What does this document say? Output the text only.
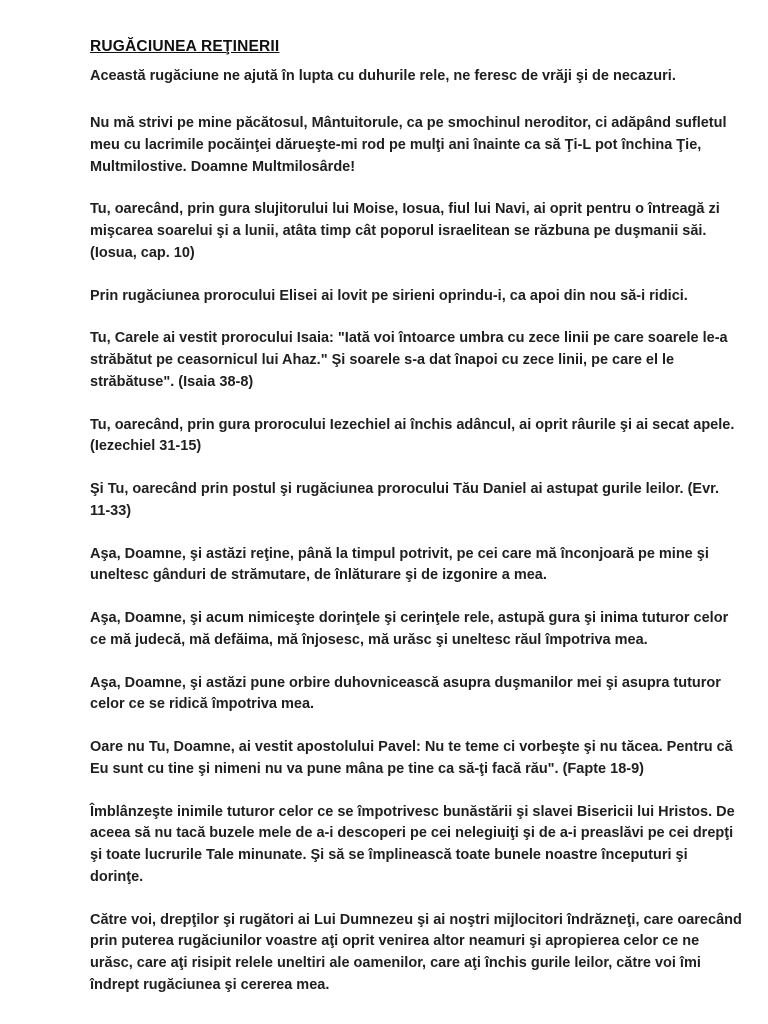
RUGĂCIUNEA REŢINERII

Această rugăciune ne ajută în lupta cu duhurile rele, ne feresc de vrăji şi de necazuri.

Nu mă strivi pe mine păcătosul, Mântuitorule, ca pe smochinul neroditor, ci adăpând sufletul meu cu lacrimile pocăinţei dărueşte-mi rod pe mulţi ani înainte ca să Ţi-L pot închina Ţie, Multmilostive. Doamne Multmilosârde!

Tu, oarecând, prin gura slujitorului lui Moise, Iosua, fiul lui Navi, ai oprit pentru o întreagă zi mişcarea soarelui şi a lunii, atâta timp cât poporul israelitean se răzbuna pe duşmanii săi. (Iosua, cap. 10)

Prin rugăciunea prorocului Elisei ai lovit pe sirieni oprindu-i, ca apoi din nou să-i ridici.

Tu, Carele ai vestit prorocului Isaia: "Iată voi întoarce umbra cu zece linii pe care soarele le-a străbătut pe ceasornicul lui Ahaz." Şi soarele s-a dat înapoi cu zece linii, pe care el le străbătuse". (Isaia 38-8)

Tu, oarecând, prin gura prorocului Iezechiel ai închis adâncul, ai oprit râurile şi ai secat apele. (Iezechiel 31-15)

Şi Tu, oarecând prin postul şi rugăciunea prorocului Tău Daniel ai astupat gurile leilor. (Evr. 11-33)

Aşa, Doamne, şi astăzi reţine, până la timpul potrivit, pe cei care mă înconjoară pe mine şi uneltesc gânduri de strămutare, de înlăturare şi de izgonire a mea.

Aşa, Doamne, şi acum nimiceşte dorinţele şi cerinţele rele, astupă gura şi inima tuturor celor ce mă judecă, mă defăima, mă înjosesc, mă urăsc şi uneltesc răul împotriva mea.

Aşa, Doamne, şi astăzi pune orbire duhovnicească asupra duşmanilor mei şi asupra tuturor celor ce se ridică împotriva mea.

Oare nu Tu, Doamne, ai vestit apostolului Pavel: Nu te teme ci vorbeşte şi nu tăcea. Pentru că Eu sunt cu tine şi nimeni nu va pune mâna pe tine ca să-ţi facă rău". (Fapte 18-9)

Îmblânzeşte inimile tuturor celor ce se împotrivesc bunăstării şi slavei Bisericii lui Hristos. De aceea să nu tacă buzele mele de a-i descoperi pe cei nelegiuiţi şi de a-i preaslăvi pe cei drepţi şi toate lucrurile Tale minunate. Şi să se împlinească toate bunele noastre începuturi şi dorinţe.

Către voi, drepţilor şi rugători ai Lui Dumnezeu şi ai noştri mijlocitori îndrăzneţi, care oarecând prin puterea rugăciunilor voastre aţi oprit venirea altor neamuri şi apropierea celor ce ne urăsc, care aţi risipit relele uneltiri ale oamenilor, care aţi închis gurile leilor, către voi îmi îndrept rugăciunea şi cererea mea.
